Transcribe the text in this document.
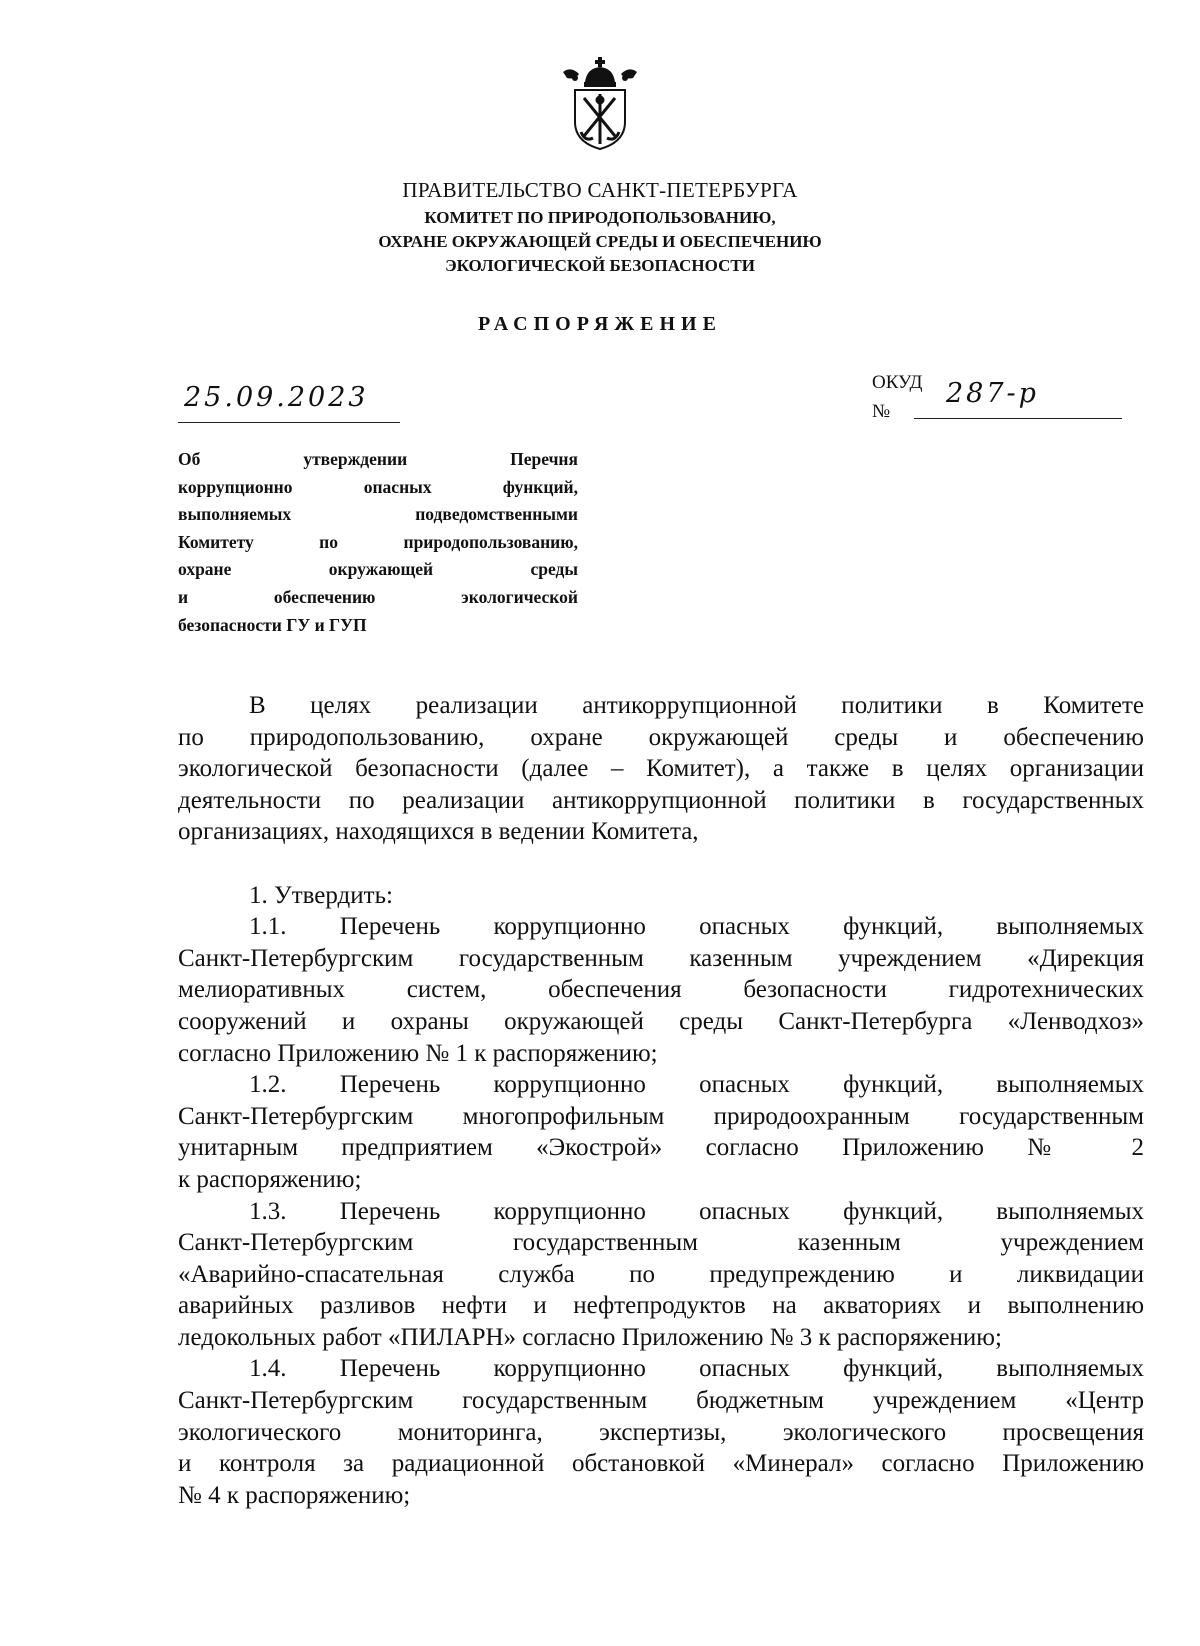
ПРАВИТЕЛЬСТВО САНКТ-ПЕТЕРБУРГА
КОМИТЕТ ПО ПРИРОДОПОЛЬЗОВАНИЮ,
ОХРАНЕ ОКРУЖАЮЩЕЙ СРЕДЫ И ОБЕСПЕЧЕНИЮ
ЭКОЛОГИЧЕСКОЙ БЕЗОПАСНОСТИ
РАСПОРЯЖЕНИЕ
25.09.2023	ОКУД
№
287-р
Об утверждении Перечня
коррупционно опасных функций,
выполняемых подведомственными
Комитету по природопользованию,
охране окружающей среды
и обеспечению экологической
безопасности ГУ и ГУП
В целях реализации антикоррупционной политики в Комитете
по природопользованию, охране окружающей среды и обеспечению
экологической безопасности (далее – Комитет), а также в целях организации
деятельности по реализации антикоррупционной политики в государственных
организациях, находящихся в ведении Комитета,
1. Утвердить:
1.1. Перечень коррупционно опасных функций, выполняемых
Санкт-Петербургским государственным казенным учреждением «Дирекция
мелиоративных систем, обеспечения безопасности гидротехнических
сооружений и охраны окружающей среды Санкт-Петербурга «Ленводхоз»
согласно Приложению № 1 к распоряжению;
1.2. Перечень коррупционно опасных функций, выполняемых
Санкт-Петербургским многопрофильным природоохранным государственным
унитарным предприятием «Экострой» согласно Приложению № 2
к распоряжению;
1.3. Перечень коррупционно опасных функций, выполняемых
Санкт-Петербургским государственным казенным учреждением
«Аварийно-спасательная служба по предупреждению и ликвидации
аварийных разливов нефти и нефтепродуктов на акваториях и выполнению
ледокольных работ «ПИЛАРН» согласно Приложению № 3 к распоряжению;
1.4. Перечень коррупционно опасных функций, выполняемых
Санкт-Петербургским государственным бюджетным учреждением «Центр
экологического мониторинга, экспертизы, экологического просвещения
и контроля за радиационной обстановкой «Минерал» согласно Приложению
№ 4 к распоряжению;
